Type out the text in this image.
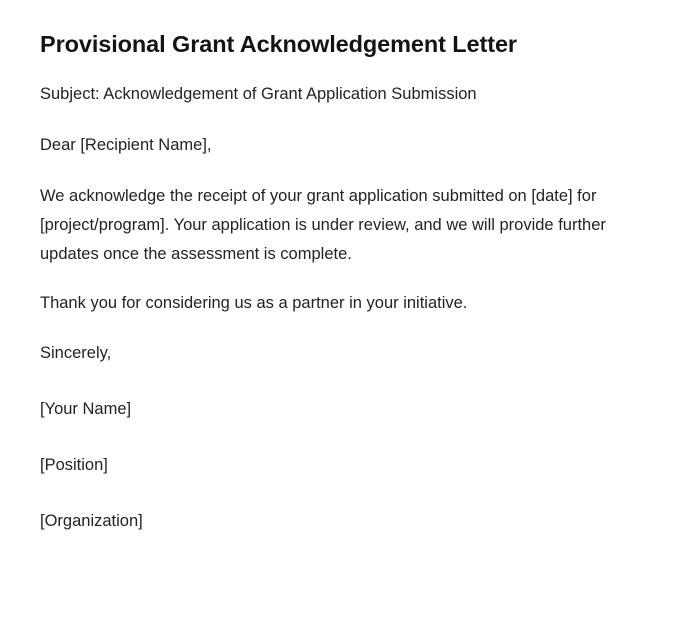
Provisional Grant Acknowledgement Letter

Subject: Acknowledgement of Grant Application Submission

Dear [Recipient Name],

We acknowledge the receipt of your grant application submitted on [date] for [project/program]. Your application is under review, and we will provide further updates once the assessment is complete.

Thank you for considering us as a partner in your initiative.

Sincerely,

[Your Name]

[Position]

[Organization]
